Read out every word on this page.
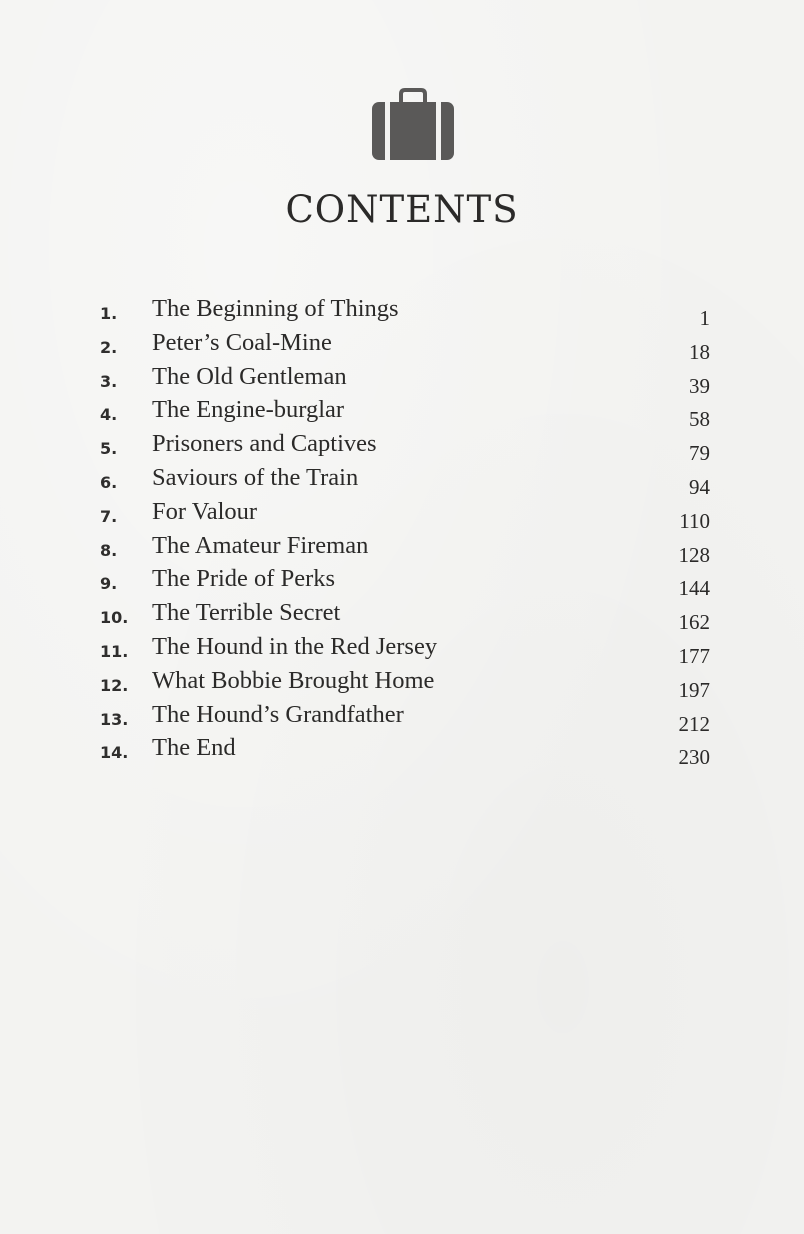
CONTENTS
1. The Beginning of Things	1
2. Peter’s Coal-Mine	18
3. The Old Gentleman	39
4. The Engine-burglar	58
5. Prisoners and Captives	79
6. Saviours of the Train	94
7. For Valour	110
8. The Amateur Fireman	128
9. The Pride of Perks	144
10. The Terrible Secret	162
11. The Hound in the Red Jersey	177
12. What Bobbie Brought Home	197
13. The Hound’s Grandfather	212
14. The End	230
